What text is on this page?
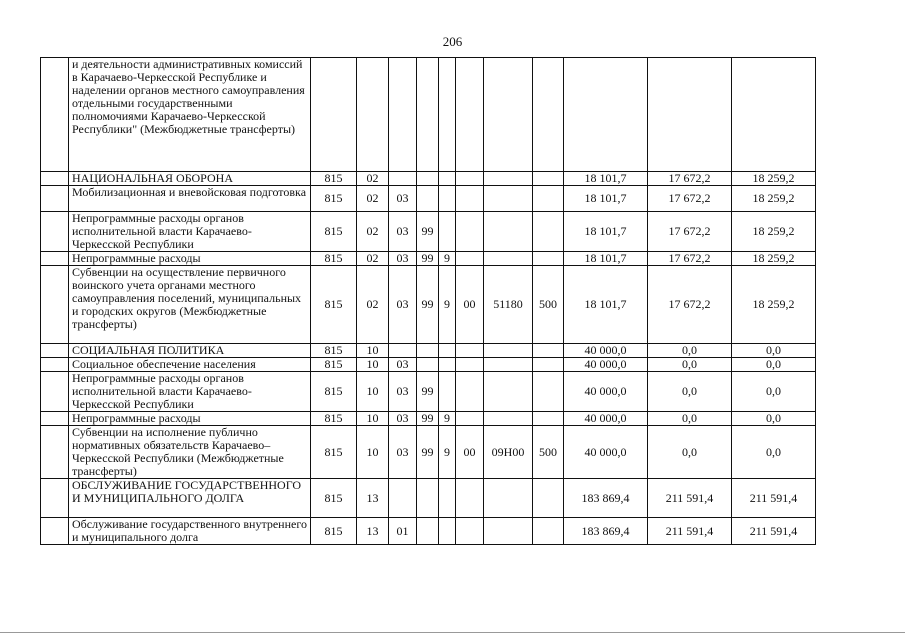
206
	и деятельности административных комиссий в Карачаево-Черкесской Республике и наделении органов местного самоуправления отдельными государственными полномочиями Карачаево-Черкесской Республики" (Межбюджетные трансферты)											
	НАЦИОНАЛЬНАЯ ОБОРОНА	815	02							18 101,7	17 672,2	18 259,2
	Мобилизационная и вневойсковая подготовка	815	02	03						18 101,7	17 672,2	18 259,2
	Непрограммные расходы органов исполнительной власти Карачаево-Черкесской Республики	815	02	03	99					18 101,7	17 672,2	18 259,2
	Непрограммные расходы	815	02	03	99	9				18 101,7	17 672,2	18 259,2
	Субвенции на осуществление первичного воинского учета органами местного самоуправления поселений, муниципальных и городских округов (Межбюджетные трансферты)	815	02	03	99	9	00	51180	500	18 101,7	17 672,2	18 259,2
	СОЦИАЛЬНАЯ ПОЛИТИКА	815	10							40 000,0	0,0	0,0
	Социальное обеспечение населения	815	10	03						40 000,0	0,0	0,0
	Непрограммные расходы органов исполнительной власти Карачаево-Черкесской Республики	815	10	03	99					40 000,0	0,0	0,0
	Непрограммные расходы	815	10	03	99	9				40 000,0	0,0	0,0
	Субвенции на исполнение публично нормативных обязательств Карачаево–Черкесской Республики (Межбюджетные трансферты)	815	10	03	99	9	00	09Н00	500	40 000,0	0,0	0,0
	ОБСЛУЖИВАНИЕ ГОСУДАРСТВЕННОГО И МУНИЦИПАЛЬНОГО ДОЛГА	815	13							183 869,4	211 591,4	211 591,4
	Обслуживание государственного внутреннего и муниципального долга	815	13	01						183 869,4	211 591,4	211 591,4
